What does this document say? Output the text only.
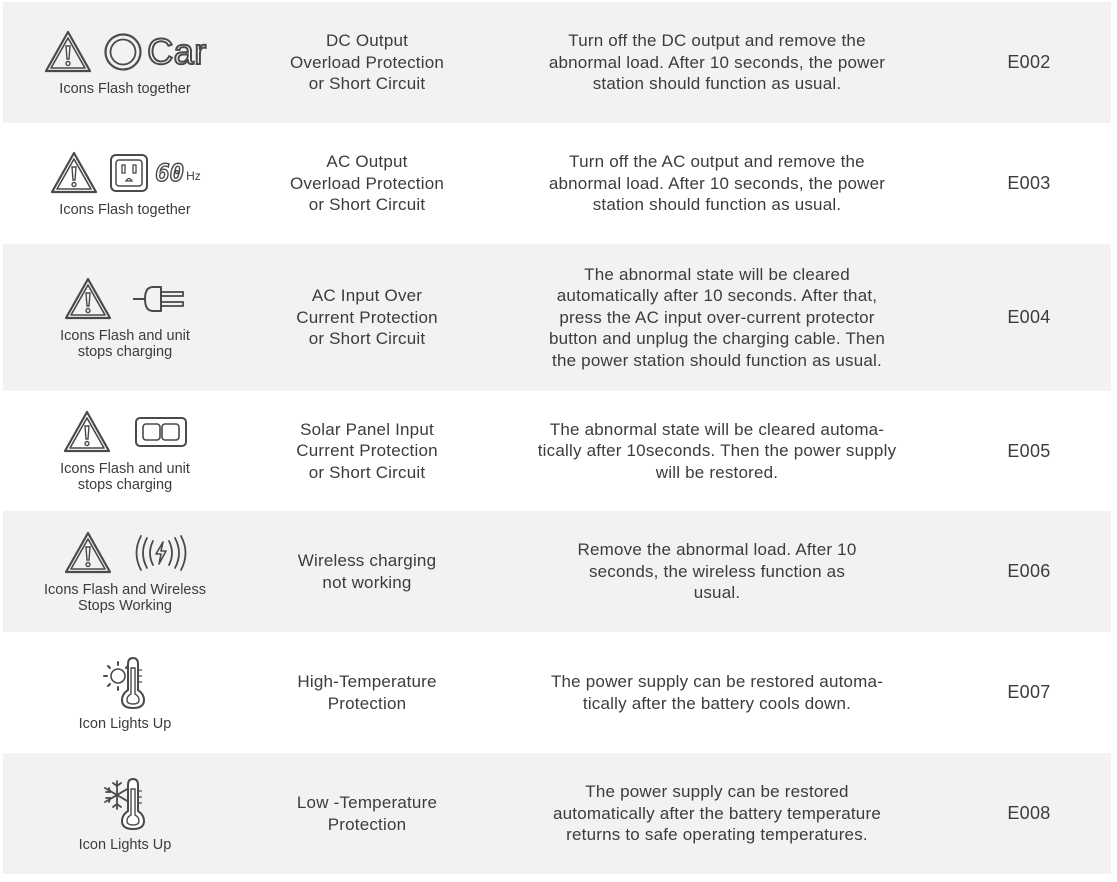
Car
Icons Flash together
DC Output
Overload Protection
or Short Circuit
Turn off the DC output and remove the
abnormal load. After 10 seconds, the power
station should function as usual.
E002
60 Hz
Icons Flash together
AC Output
Overload Protection
or Short Circuit
Turn off the AC output and remove the
abnormal load. After 10 seconds, the power
station should function as usual.
E003
Icons Flash and unit
stops charging
AC Input Over
Current Protection
or Short Circuit
The abnormal state will be cleared
automatically after 10 seconds. After that,
press the AC input over-current protector
button and unplug the charging cable. Then
the power station should function as usual.
E004
Icons Flash and unit
stops charging
Solar Panel Input
Current Protection
or Short Circuit
The abnormal state will be cleared automa-
tically after 10seconds. Then the power supply
will be restored.
E005
Icons Flash and Wireless
Stops Working
Wireless charging
not working
Remove the abnormal load. After 10
seconds, the wireless function as
usual.
E006
Icon Lights Up
High-Temperature
Protection
The power supply can be restored automa-
tically after the battery cools down.
E007
Icon Lights Up
Low -Temperature
Protection
The power supply can be restored
automatically after the battery temperature
returns to safe operating temperatures.
E008
